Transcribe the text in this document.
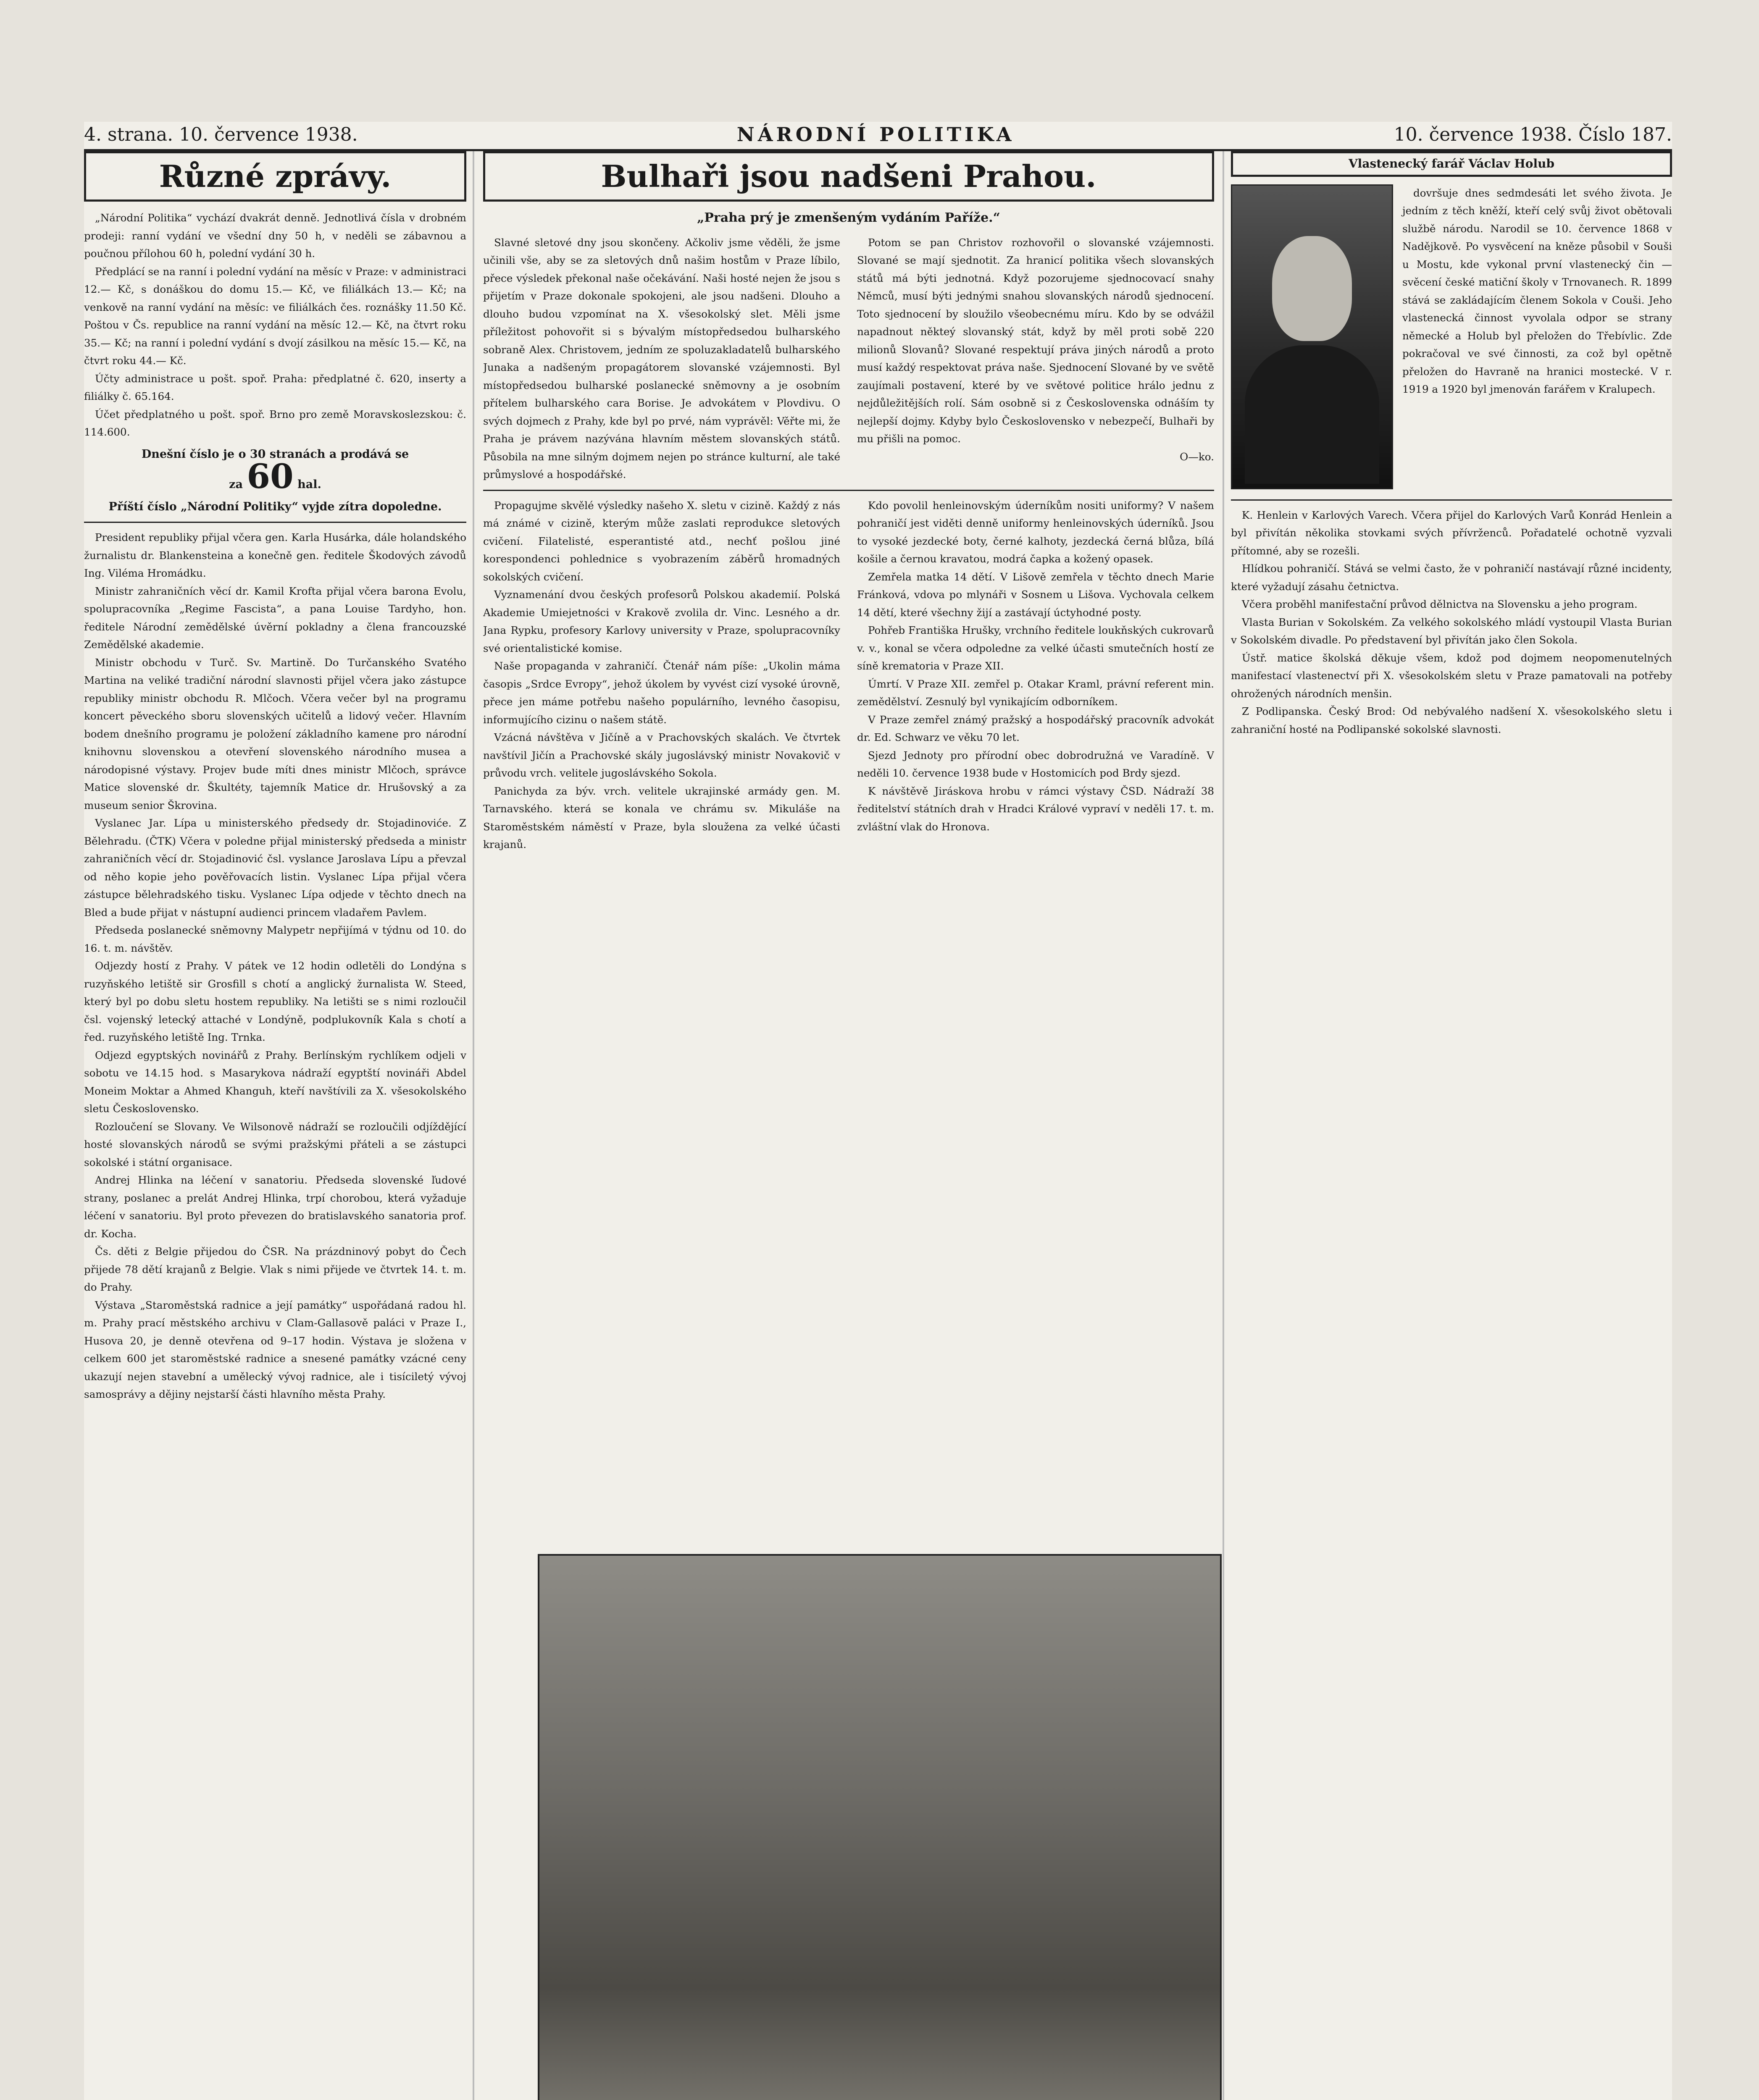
4. strana. 10. července 1938.	NÁRODNÍ POLITIKA	10. července 1938. Číslo 187.
Různé zprávy.

„Národní Politika“ vychází dvakrát denně. Jednotlivá čísla v drobném prodeji: ranní vydání ve všední dny 50 h, v neděli se zábavnou a poučnou přílohou 60 h, polední vydání 30 h.

Předplácí se na ranní i polední vydání na měsíc v Praze: v administraci 12.— Kč, s donáškou do domu 15.— Kč, ve filiálkách 13.— Kč; na venkově na ranní vydání na měsíc: ve filiálkách čes. roznášky 11.50 Kč. Poštou v Čs. republice na ranní vydání na měsíc 12.— Kč, na čtvrt roku 35.— Kč; na ranní i polední vydání s dvojí zásilkou na měsíc 15.— Kč, na čtvrt roku 44.— Kč.

Účty administrace u pošt. spoř. Praha: předplatné č. 620, inserty a filiálky č. 65.164.

Účet předplatného u pošt. spoř. Brno pro země Moravskoslezskou: č. 114.600.

Dnešní číslo je o 30 stranách a prodává se
za 60 hal.
Příští číslo „Národní Politiky“ vyjde zítra dopoledne.

President republiky přijal včera gen. Karla Husárka, dále holandského žurnalistu dr. Blankensteina a konečně gen. ředitele Škodových závodů Ing. Viléma Hromádku.

Ministr zahraničních věcí dr. Kamil Krofta přijal včera barona Evolu, spolupracovníka „Regime Fascista“, a pana Louise Tardyho, hon. ředitele Národní zemědělské úvěrní pokladny a člena francouzské Zemědělské akademie.

Ministr obchodu v Turč. Sv. Martině. Do Turčanského Svatého Martina na veliké tradiční národní slavnosti přijel včera jako zástupce republiky ministr obchodu R. Mlčoch. Včera večer byl na programu koncert pěveckého sboru slovenských učitelů a lidový večer. Hlavním bodem dnešního programu je položení základního kamene pro národní knihovnu slovenskou a otevření slovenského národního musea a národopisné výstavy. Projev bude míti dnes ministr Mlčoch, správce Matice slovenské dr. Škultéty, tajemník Matice dr. Hrušovský a za museum senior Škrovina.

Vyslanec Jar. Lípa u ministerského předsedy dr. Stojadinoviće. Z Bělehradu. (ČTK) Včera v poledne přijal ministerský předseda a ministr zahraničních věcí dr. Stojadinović čsl. vyslance Jaroslava Lípu a převzal od něho kopie jeho pověřovacích listin. Vyslanec Lípa přijal včera zástupce bělehradského tisku. Vyslanec Lípa odjede v těchto dnech na Bled a bude přijat v nástupní audienci princem vladařem Pavlem.

Předseda poslanecké sněmovny Malypetr nepřijímá v týdnu od 10. do 16. t. m. návštěv.

Odjezdy hostí z Prahy. V pátek ve 12 hodin odletěli do Londýna s ruzyňského letiště sir Grosfill s chotí a anglický žurnalista W. Steed, který byl po dobu sletu hostem republiky. Na letišti se s nimi rozloučil čsl. vojenský letecký attaché v Londýně, podplukovník Kala s chotí a řed. ruzyňského letiště Ing. Trnka.

Odjezd egyptských novinářů z Prahy. Berlínským rychlíkem odjeli v sobotu ve 14.15 hod. s Masarykova nádraží egyptští novináři Abdel Moneim Moktar a Ahmed Khanguh, kteří navštívili za X. všesokolského sletu Československo.

Rozloučení se Slovany. Ve Wilsonově nádraží se rozloučili odjíždějící hosté slovanských národů se svými pražskými přáteli a se zástupci sokolské i státní organisace.

Andrej Hlinka na léčení v sanatoriu. Předseda slovenské ľudové strany, poslanec a prelát Andrej Hlinka, trpí chorobou, která vyžaduje léčení v sanatoriu. Byl proto převezen do bratislavského sanatoria prof. dr. Kocha.

Čs. děti z Belgie přijedou do ČSR. Na prázdninový pobyt do Čech přijede 78 dětí krajanů z Belgie. Vlak s nimi přijede ve čtvrtek 14. t. m. do Prahy.

Výstava „Staroměstská radnice a její památky“ uspořádaná radou hl. m. Prahy prací městského archivu v Clam-Gallasově paláci v Praze I., Husova 20, je denně otevřena od 9–17 hodin. Výstava je složena v celkem 600 jet staroměstské radnice a snesené památky vzácné ceny ukazují nejen stavební a umělecký vývoj radnice, ale i tisíciletý vývoj samosprávy a dějiny nejstarší části hlavního města Prahy.

Bulhaři jsou nadšeni Prahou.
„Praha prý je zmenšeným vydáním Paříže.“

Slavné sletové dny jsou skončeny. Ačkoliv jsme věděli, že jsme učinili vše, aby se za sletových dnů našim hostům v Praze líbilo, přece výsledek překonal naše očekávání. Naši hosté nejen že jsou s přijetím v Praze dokonale spokojeni, ale jsou nadšeni. Dlouho a dlouho budou vzpomínat na X. všesokolský slet. Měli jsme příležitost pohovořit si s bývalým místopředsedou bulharského sobraně Alex. Christovem, jedním ze spoluzakladatelů bulharského Junaka a nadšeným propagátorem slovanské vzájemnosti. Byl místopředsedou bulharské poslanecké sněmovny a je osobním přítelem bulharského cara Borise. Je advokátem v Plovdivu. O svých dojmech z Prahy, kde byl po prvé, nám vyprávěl: Věřte mi, že Praha je právem nazývána hlavním městem slovanských států. Působila na mne silným dojmem nejen po stránce kulturní, ale také průmyslové a hospodářské.

Potom se pan Christov rozhovořil o slovanské vzájemnosti. Slované se mají sjednotit. Za hranicí politika všech slovanských států má býti jednotná. Když pozorujeme sjednocovací snahy Němců, musí býti jednými snahou slovanských národů sjednocení. Toto sjednocení by sloužilo všeobecnému míru. Kdo by se odvážil napadnout někteý slovanský stát, když by měl proti sobě 220 milionů Slovanů? Slované respektují práva jiných národů a proto musí každý respektovat práva naše. Sjednocení Slované by ve světě zaujímali postavení, které by ve světové politice hrálo jednu z nejdůležitějších rolí. Sám osobně si z Československa odnáším ty nejlepší dojmy. Kdyby bylo Československo v nebezpečí, Bulhaři by mu přišli na pomoc.

O—ko.

Propagujme skvělé výsledky našeho X. sletu v cizině. Každý z nás má známé v cizině, kterým může zaslati reprodukce sletových cvičení. Filatelisté, esperantisté atd., nechť pošlou jiné korespondenci pohlednice s vyobrazením záběrů hromadných sokolských cvičení.

Vyznamenání dvou českých profesorů Polskou akademií. Polská Akademie Umiejetności v Krakově zvolila dr. Vinc. Lesného a dr. Jana Rypku, profesory Karlovy university v Praze, spolupracovníky své orientalistické komise.

Naše propaganda v zahraničí. Čtenář nám píše: „Ukolin máma časopis „Srdce Evropy“, jehož úkolem by vyvést cizí vysoké úrovně, přece jen máme potřebu našeho populárního, levného časopisu, informujícího cizinu o našem státě.

Vzácná návštěva v Jičíně a v Prachovských skalách. Ve čtvrtek navštívil Jičín a Prachovské skály jugoslávský ministr Novakovič v průvodu vrch. velitele jugoslávského Sokola.

Panichyda za býv. vrch. velitele ukrajinské armády gen. M. Tarnavského. která se konala ve chrámu sv. Mikuláše na Staroměstském náměstí v Praze, byla sloužena za velké účasti krajanů.

Kdo povolil henleinovským úderníkům nositi uniformy? V našem pohraničí jest viděti denně uniformy henleinovských úderníků. Jsou to vysoké jezdecké boty, černé kalhoty, jezdecká černá blůza, bílá košile a černou kravatou, modrá čapka a kožený opasek.

Zemřela matka 14 dětí. V Lišově zemřela v těchto dnech Marie Fránková, vdova po mlynáři v Sosnem u Lišova. Vychovala celkem 14 dětí, které všechny žijí a zastávají úctyhodné posty.

Pohřeb Františka Hrušky, vrchního ředitele loukňských cukrovarů v. v., konal se včera odpoledne za velké účasti smutečních hostí ze síně krematoria v Praze XII.

Úmrtí. V Praze XII. zemřel p. Otakar Kraml, právní referent min. zemědělství. Zesnulý byl vynikajícím odborníkem.

V Praze zemřel známý pražský a hospodářský pracovník advokát dr. Ed. Schwarz ve věku 70 let.

Sjezd Jednoty pro přírodní obec dobrodružná ve Varadíně. V neděli 10. července 1938 bude v Hostomicích pod Brdy sjezd.

K návštěvě Jiráskova hrobu v rámci výstavy ČSD. Nádraží 38 ředitelství státních drah v Hradci Králové vypraví v neděli 17. t. m. zvláštní vlak do Hronova.

Vlastenecký farář Václav Holub

dovršuje dnes sedmdesáti let svého života. Je jedním z těch kněží, kteří celý svůj život obětovali službě národu. Narodil se 10. července 1868 v Nadějkově. Po vysvěcení na kněze působil v Souši u Mostu, kde vykonal první vlastenecký čin — svěcení české matiční školy v Trnovanech. R. 1899 stává se zakládajícím členem Sokola v Couši. Jeho vlastenecká činnost vyvolala odpor se strany německé a Holub byl přeložen do Třebívlic. Zde pokračoval ve své činnosti, za což byl opětně přeložen do Havraně na hranici mostecké. V r. 1919 a 1920 byl jmenován farářem v Kralupech.

K. Henlein v Karlových Varech. Včera přijel do Karlových Varů Konrád Henlein a byl přivítán několika stovkami svých přívrženců. Pořadatelé ochotně vyzvali přítomné, aby se rozešli.

Hlídkou pohraničí. Stává se velmi často, že v pohraničí nastávají různé incidenty, které vyžadují zásahu četnictva.

Včera proběhl manifestační průvod dělnictva na Slovensku a jeho program.

Vlasta Burian v Sokolském. Za velkého sokolského mládí vystoupil Vlasta Burian v Sokolském divadle. Po představení byl přivítán jako člen Sokola.

Ústř. matice školská děkuje všem, kdož pod dojmem neopomenutelných manifestací vlastenectví při X. všesokolském sletu v Praze pamatovali na potřeby ohrožených národních menšin.

Z Podlipanska. Český Brod: Od nebývalého nadšení X. všesokolského sletu i zahraniční hosté na Podlipanské sokolské slavnosti.
